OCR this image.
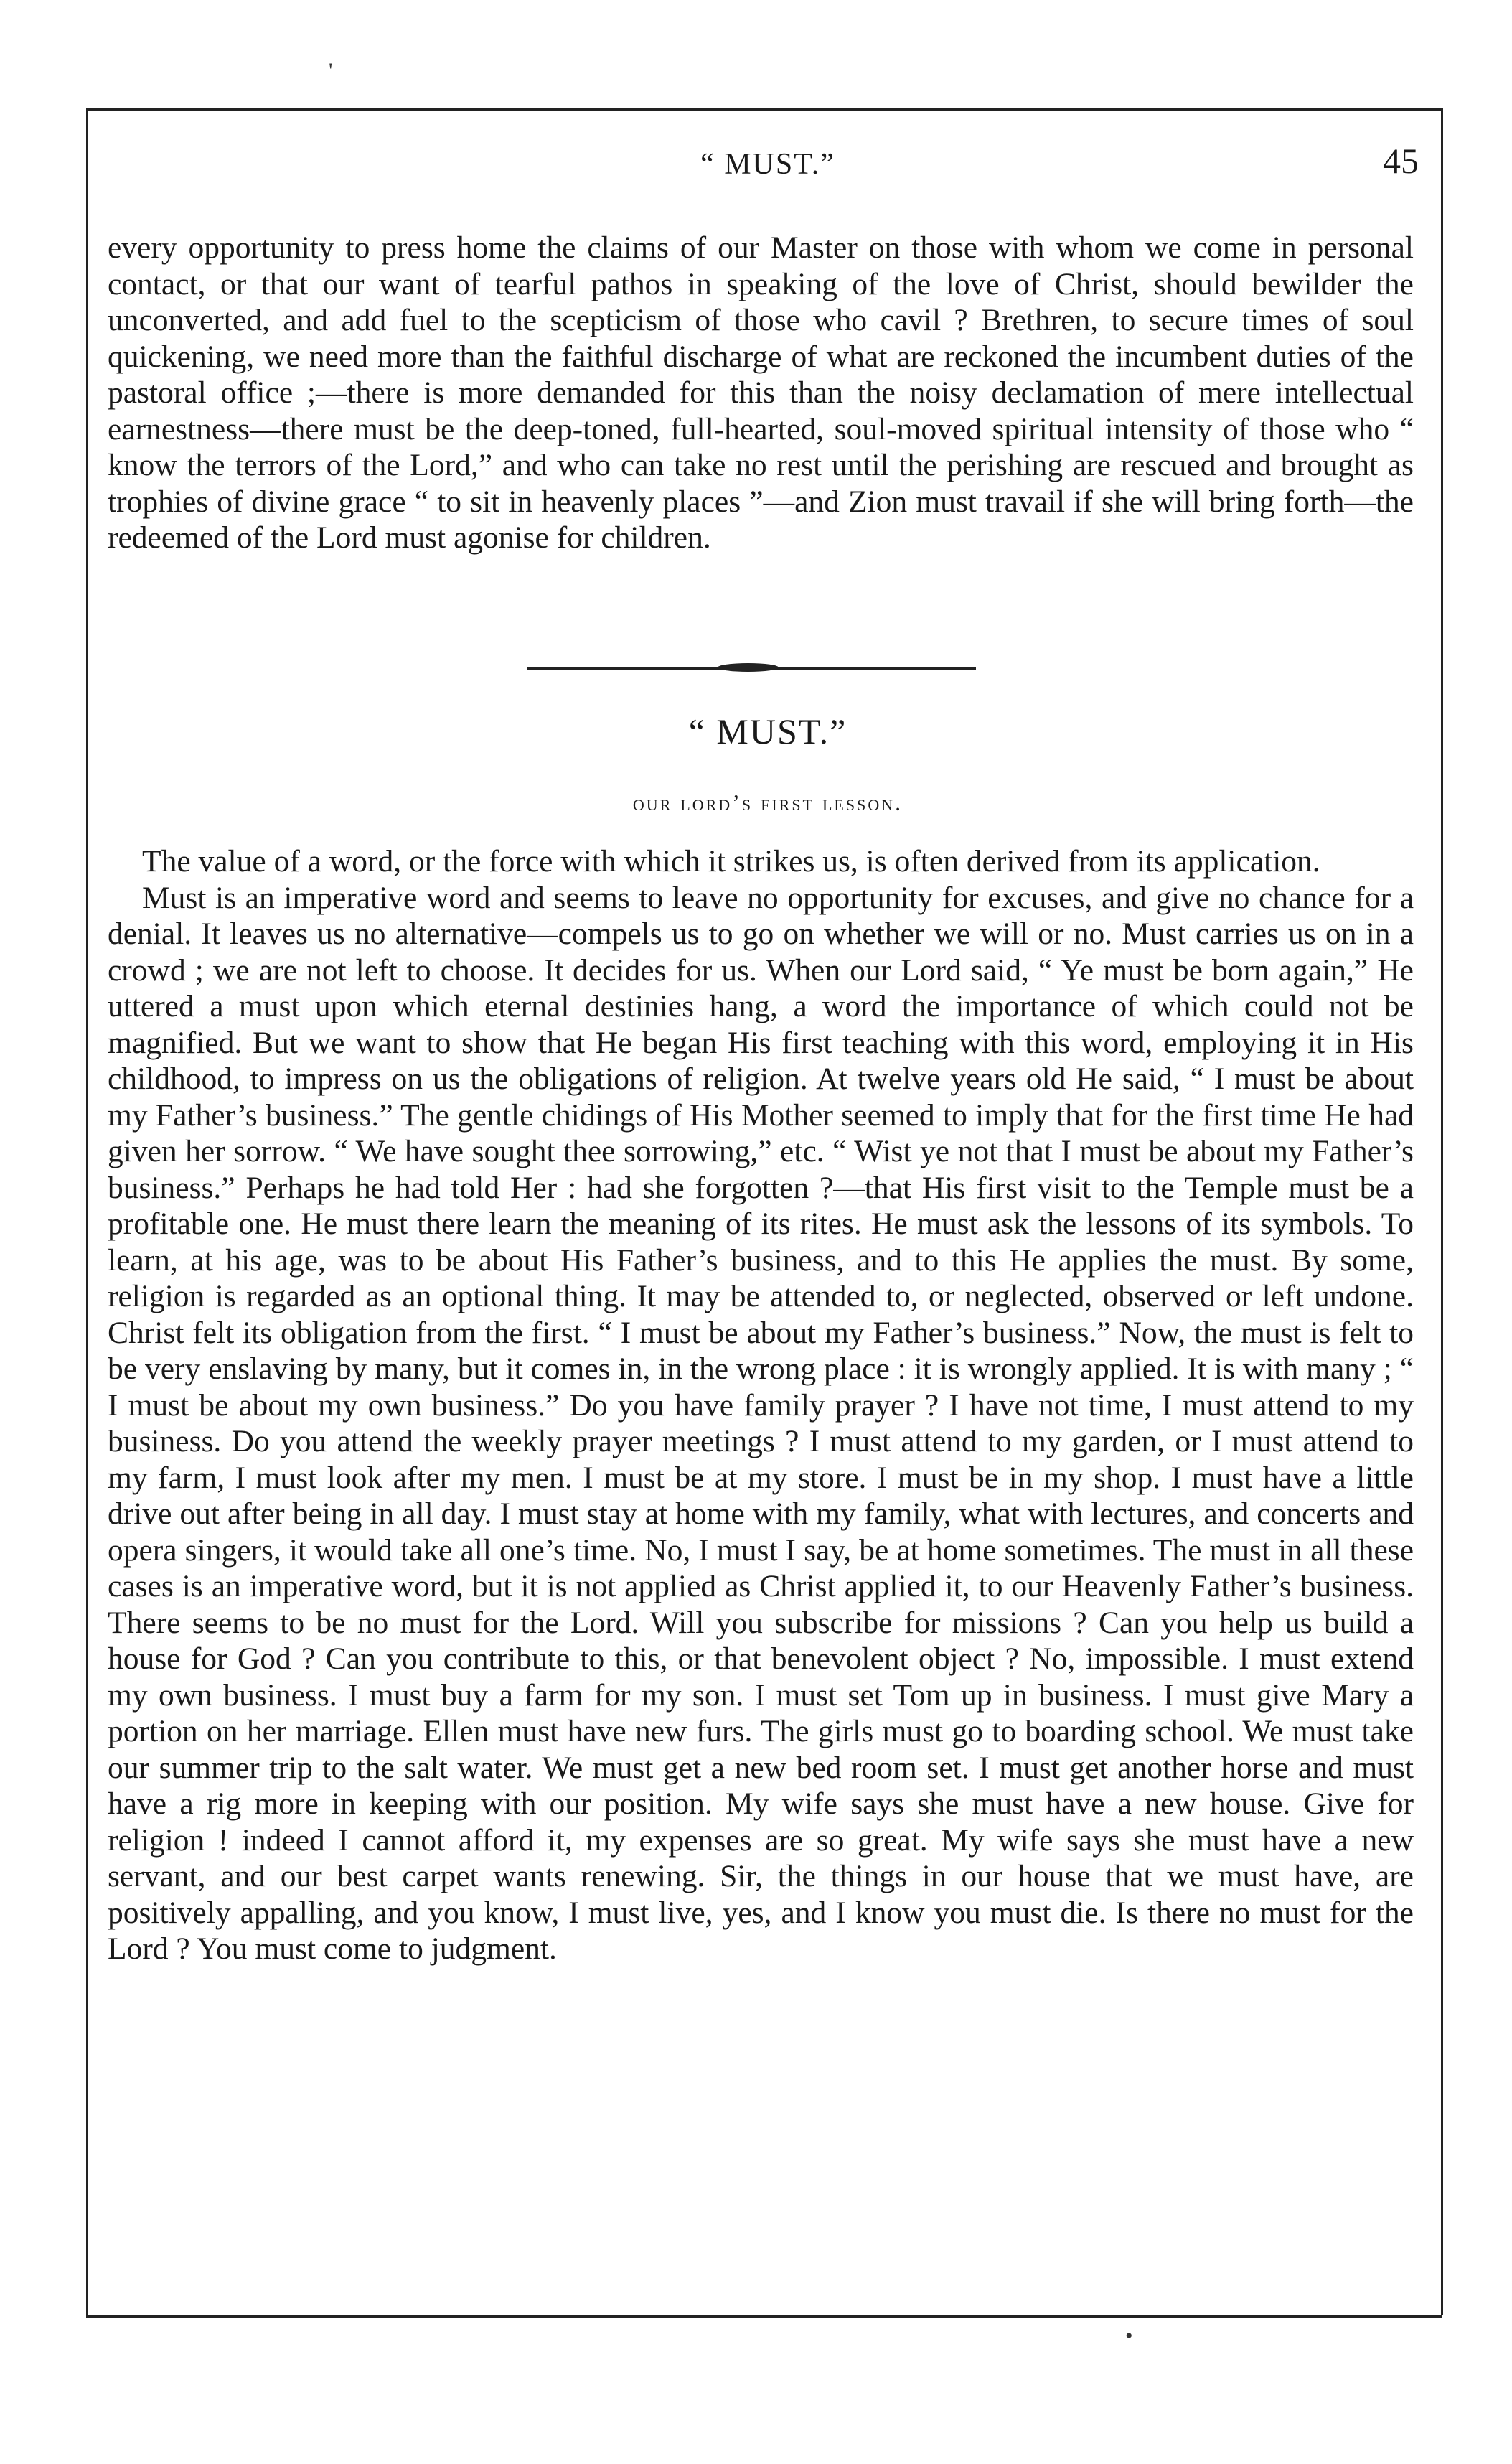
'
“ MUST.”	45

every opportunity to press home the claims of our Master on those with whom we come in personal contact, or that our want of tearful pathos in speaking of the love of Christ, should bewilder the unconverted, and add fuel to the scepticism of those who cavil ? Brethren, to secure times of soul quickening, we need more than the faithful discharge of what are reckoned the incumbent duties of the pastoral office ;—there is more demanded for this than the noisy declamation of mere intellectual earnestness—there must be the deep-toned, full-hearted, soul-moved spiritual intensity of those who “ know the terrors of the Lord,” and who can take no rest until the perishing are rescued and brought as trophies of divine grace “ to sit in heavenly places ”—and Zion must travail if she will bring forth—the redeemed of the Lord must agonise for children.

“ MUST.”
our lord’s first lesson.

The value of a word, or the force with which it strikes us, is often derived from its application.

Must is an imperative word and seems to leave no opportunity for excuses, and give no chance for a denial. It leaves us no alternative—compels us to go on whether we will or no. Must carries us on in a crowd ; we are not left to choose. It decides for us. When our Lord said, “ Ye must be born again,” He uttered a must upon which eternal destinies hang, a word the importance of which could not be magnified. But we want to show that He began His first teaching with this word, employing it in His childhood, to impress on us the obligations of religion. At twelve years old He said, “ I must be about my Father’s business.” The gentle chidings of His Mother seemed to imply that for the first time He had given her sorrow. “ We have sought thee sorrowing,” etc. “ Wist ye not that I must be about my Father’s business.” Perhaps he had told Her : had she forgotten ?—that His first visit to the Temple must be a profitable one. He must there learn the meaning of its rites. He must ask the lessons of its symbols. To learn, at his age, was to be about His Father’s business, and to this He applies the must. By some, religion is regarded as an optional thing. It may be attended to, or neglected, observed or left undone. Christ felt its obligation from the first. “ I must be about my Father’s business.” Now, the must is felt to be very enslaving by many, but it comes in, in the wrong place : it is wrongly applied. It is with many ; “ I must be about my own business.” Do you have family prayer ? I have not time, I must attend to my business. Do you attend the weekly prayer meetings ? I must attend to my garden, or I must attend to my farm, I must look after my men. I must be at my store. I must be in my shop. I must have a little drive out after being in all day. I must stay at home with my family, what with lectures, and concerts and opera singers, it would take all one’s time. No, I must I say, be at home sometimes. The must in all these cases is an imperative word, but it is not applied as Christ applied it, to our Heavenly Father’s business. There seems to be no must for the Lord. Will you subscribe for missions ? Can you help us build a house for God ? Can you contribute to this, or that benevolent object ? No, impossible. I must extend my own business. I must buy a farm for my son. I must set Tom up in business. I must give Mary a portion on her marriage. Ellen must have new furs. The girls must go to boarding school. We must take our summer trip to the salt water. We must get a new bed room set. I must get another horse and must have a rig more in keeping with our position. My wife says she must have a new house. Give for religion ! indeed I cannot afford it, my expenses are so great. My wife says she must have a new servant, and our best carpet wants renewing. Sir, the things in our house that we must have, are positively appalling, and you know, I must live, yes, and I know you must die. Is there no must for the Lord ? You must come to judgment.

•
